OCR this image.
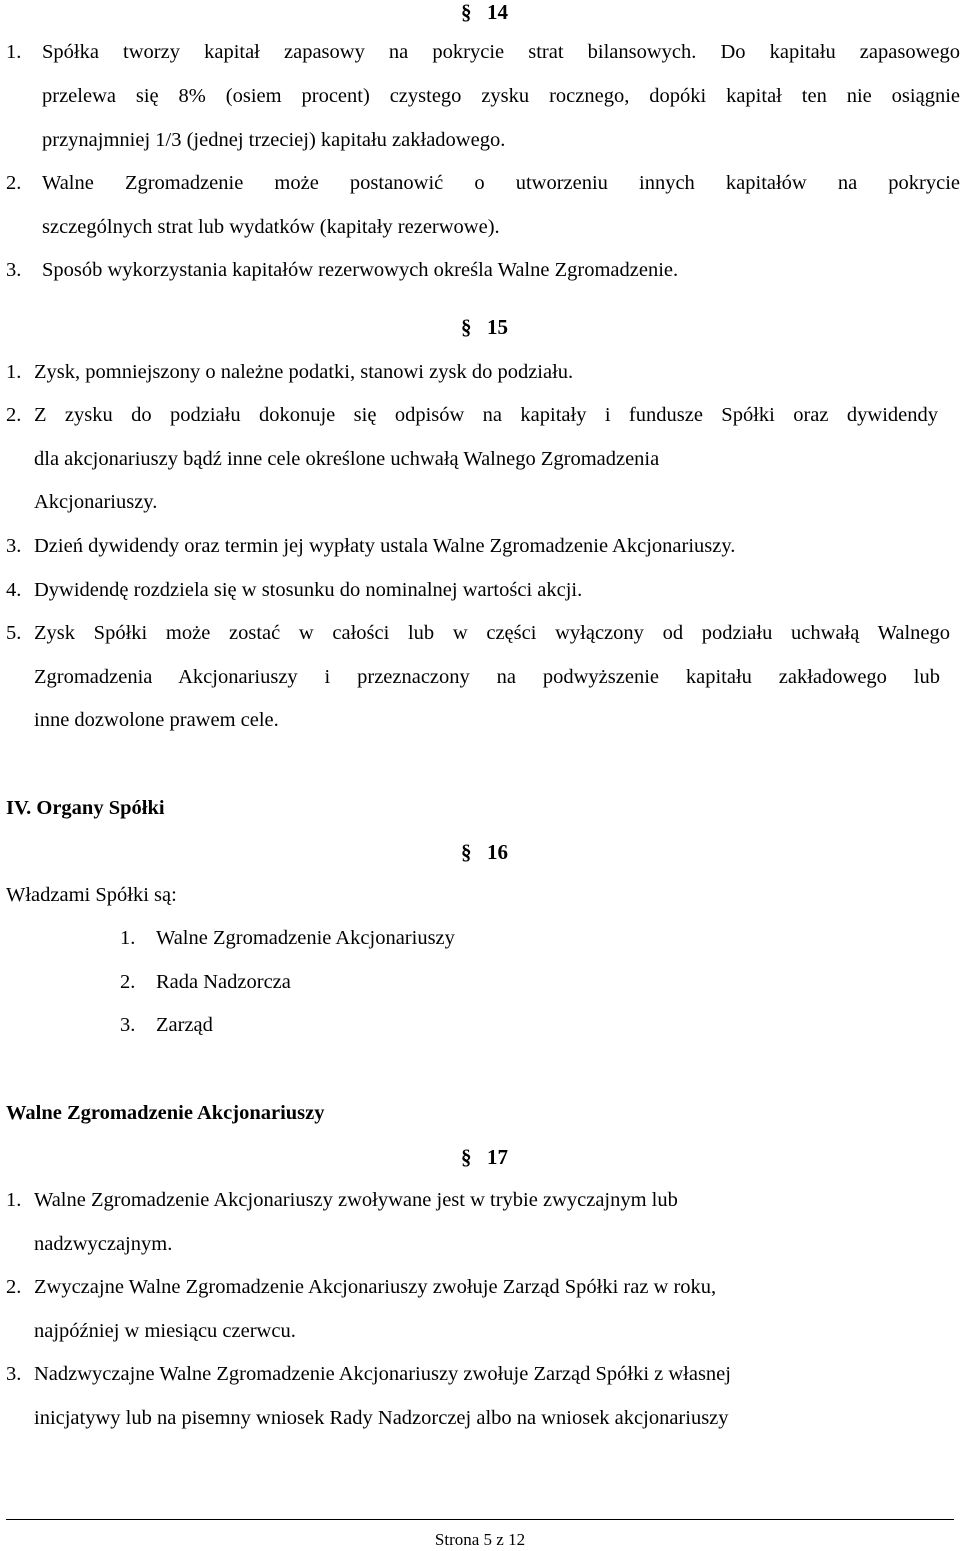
§ 14
1. Spółka tworzy kapitał zapasowy na pokrycie strat bilansowych. Do kapitału zapasowego
przelewa się 8% (osiem procent) czystego zysku rocznego, dopóki kapitał ten nie osiągnie
przynajmniej 1/3 (jednej trzeciej) kapitału zakładowego.
2. Walne Zgromadzenie może postanowić o utworzeniu innych kapitałów na pokrycie
szczególnych strat lub wydatków (kapitały rezerwowe).
3. Sposób wykorzystania kapitałów rezerwowych określa Walne Zgromadzenie.
§ 15
1. Zysk, pomniejszony o należne podatki, stanowi zysk do podziału.
2. Z zysku do podziału dokonuje się odpisów na kapitały i fundusze Spółki oraz dywidendy
dla akcjonariuszy bądź inne cele określone uchwałą Walnego Zgromadzenia
Akcjonariuszy.
3. Dzień dywidendy oraz termin jej wypłaty ustala Walne Zgromadzenie Akcjonariuszy.
4. Dywidendę rozdziela się w stosunku do nominalnej wartości akcji.
5. Zysk Spółki może zostać w całości lub w części wyłączony od podziału uchwałą Walnego
Zgromadzenia Akcjonariuszy i przeznaczony na podwyższenie kapitału zakładowego lub
inne dozwolone prawem cele.
IV. Organy Spółki
§ 16
Władzami Spółki są:
1. Walne Zgromadzenie Akcjonariuszy
2. Rada Nadzorcza
3. Zarząd
Walne Zgromadzenie Akcjonariuszy
§ 17
1. Walne Zgromadzenie Akcjonariuszy zwoływane jest w trybie zwyczajnym lub
nadzwyczajnym.
2. Zwyczajne Walne Zgromadzenie Akcjonariuszy zwołuje Zarząd Spółki raz w roku,
najpóźniej w miesiącu czerwcu.
3. Nadzwyczajne Walne Zgromadzenie Akcjonariuszy zwołuje Zarząd Spółki z własnej
inicjatywy lub na pisemny wniosek Rady Nadzorczej albo na wniosek akcjonariuszy
Strona 5 z 12
